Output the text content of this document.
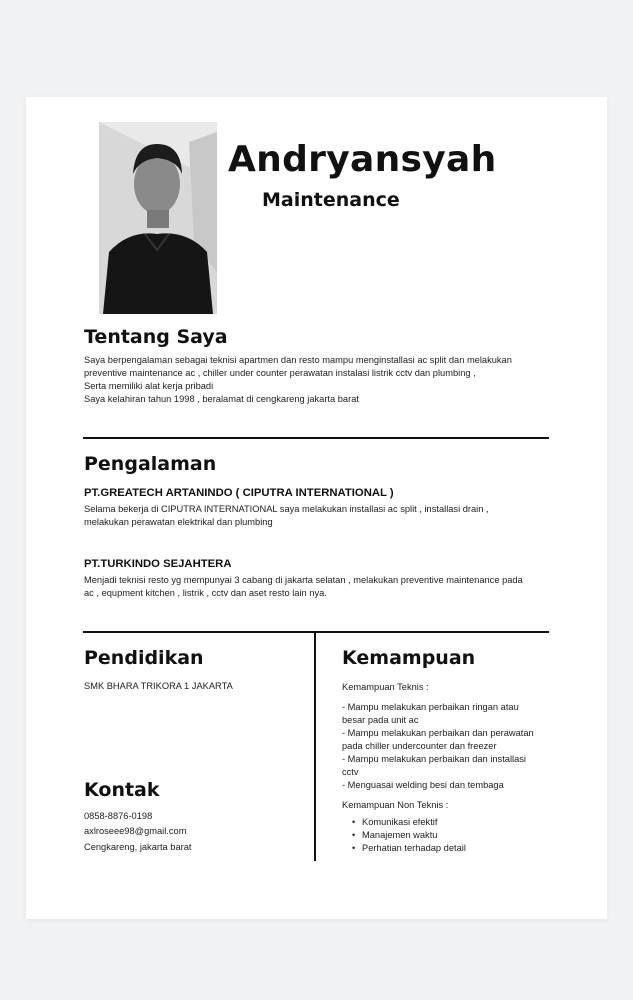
Andryansyah
Maintenance
Tentang Saya
Saya berpengalaman sebagai teknisi apartmen dan resto mampu menginstallasi ac split dan melakukan
preventive maintenance ac , chiller under counter perawatan instalasi listrik cctv dan plumbing ,
Serta memiliki alat kerja pribadi
Saya kelahiran tahun 1998 , beralamat di cengkareng jakarta barat
Pengalaman
PT.GREATECH ARTANINDO ( CIPUTRA INTERNATIONAL )
Selama bekerja di CIPUTRA INTERNATIONAL saya melakukan installasi ac split , installasi drain ,
melakukan perawatan elektrikal dan plumbing
PT.TURKINDO SEJAHTERA
Menjadi teknisi resto yg mempunyai 3 cabang di jakarta selatan , melakukan preventive maintenance pada
ac , equpment kitchen , listrik , cctv dan aset resto lain nya.
Pendidikan
SMK BHARA TRIKORA 1 JAKARTA
Kontak
0858-8876-0198
axlroseee98@gmail.com
Cengkareng, jakarta barat
Kemampuan
Kemampuan Teknis :
- Mampu melakukan perbaikan ringan atau
besar pada unit ac
- Mampu melakukan perbaikan dan perawatan
pada chiller undercounter dan freezer
- Mampu melakukan perbaikan dan installasi
cctv
- Menguasai welding besi dan tembaga
Kemampuan Non Teknis :
• Komunikasi efektif
• Manajemen waktu
• Perhatian terhadap detail
